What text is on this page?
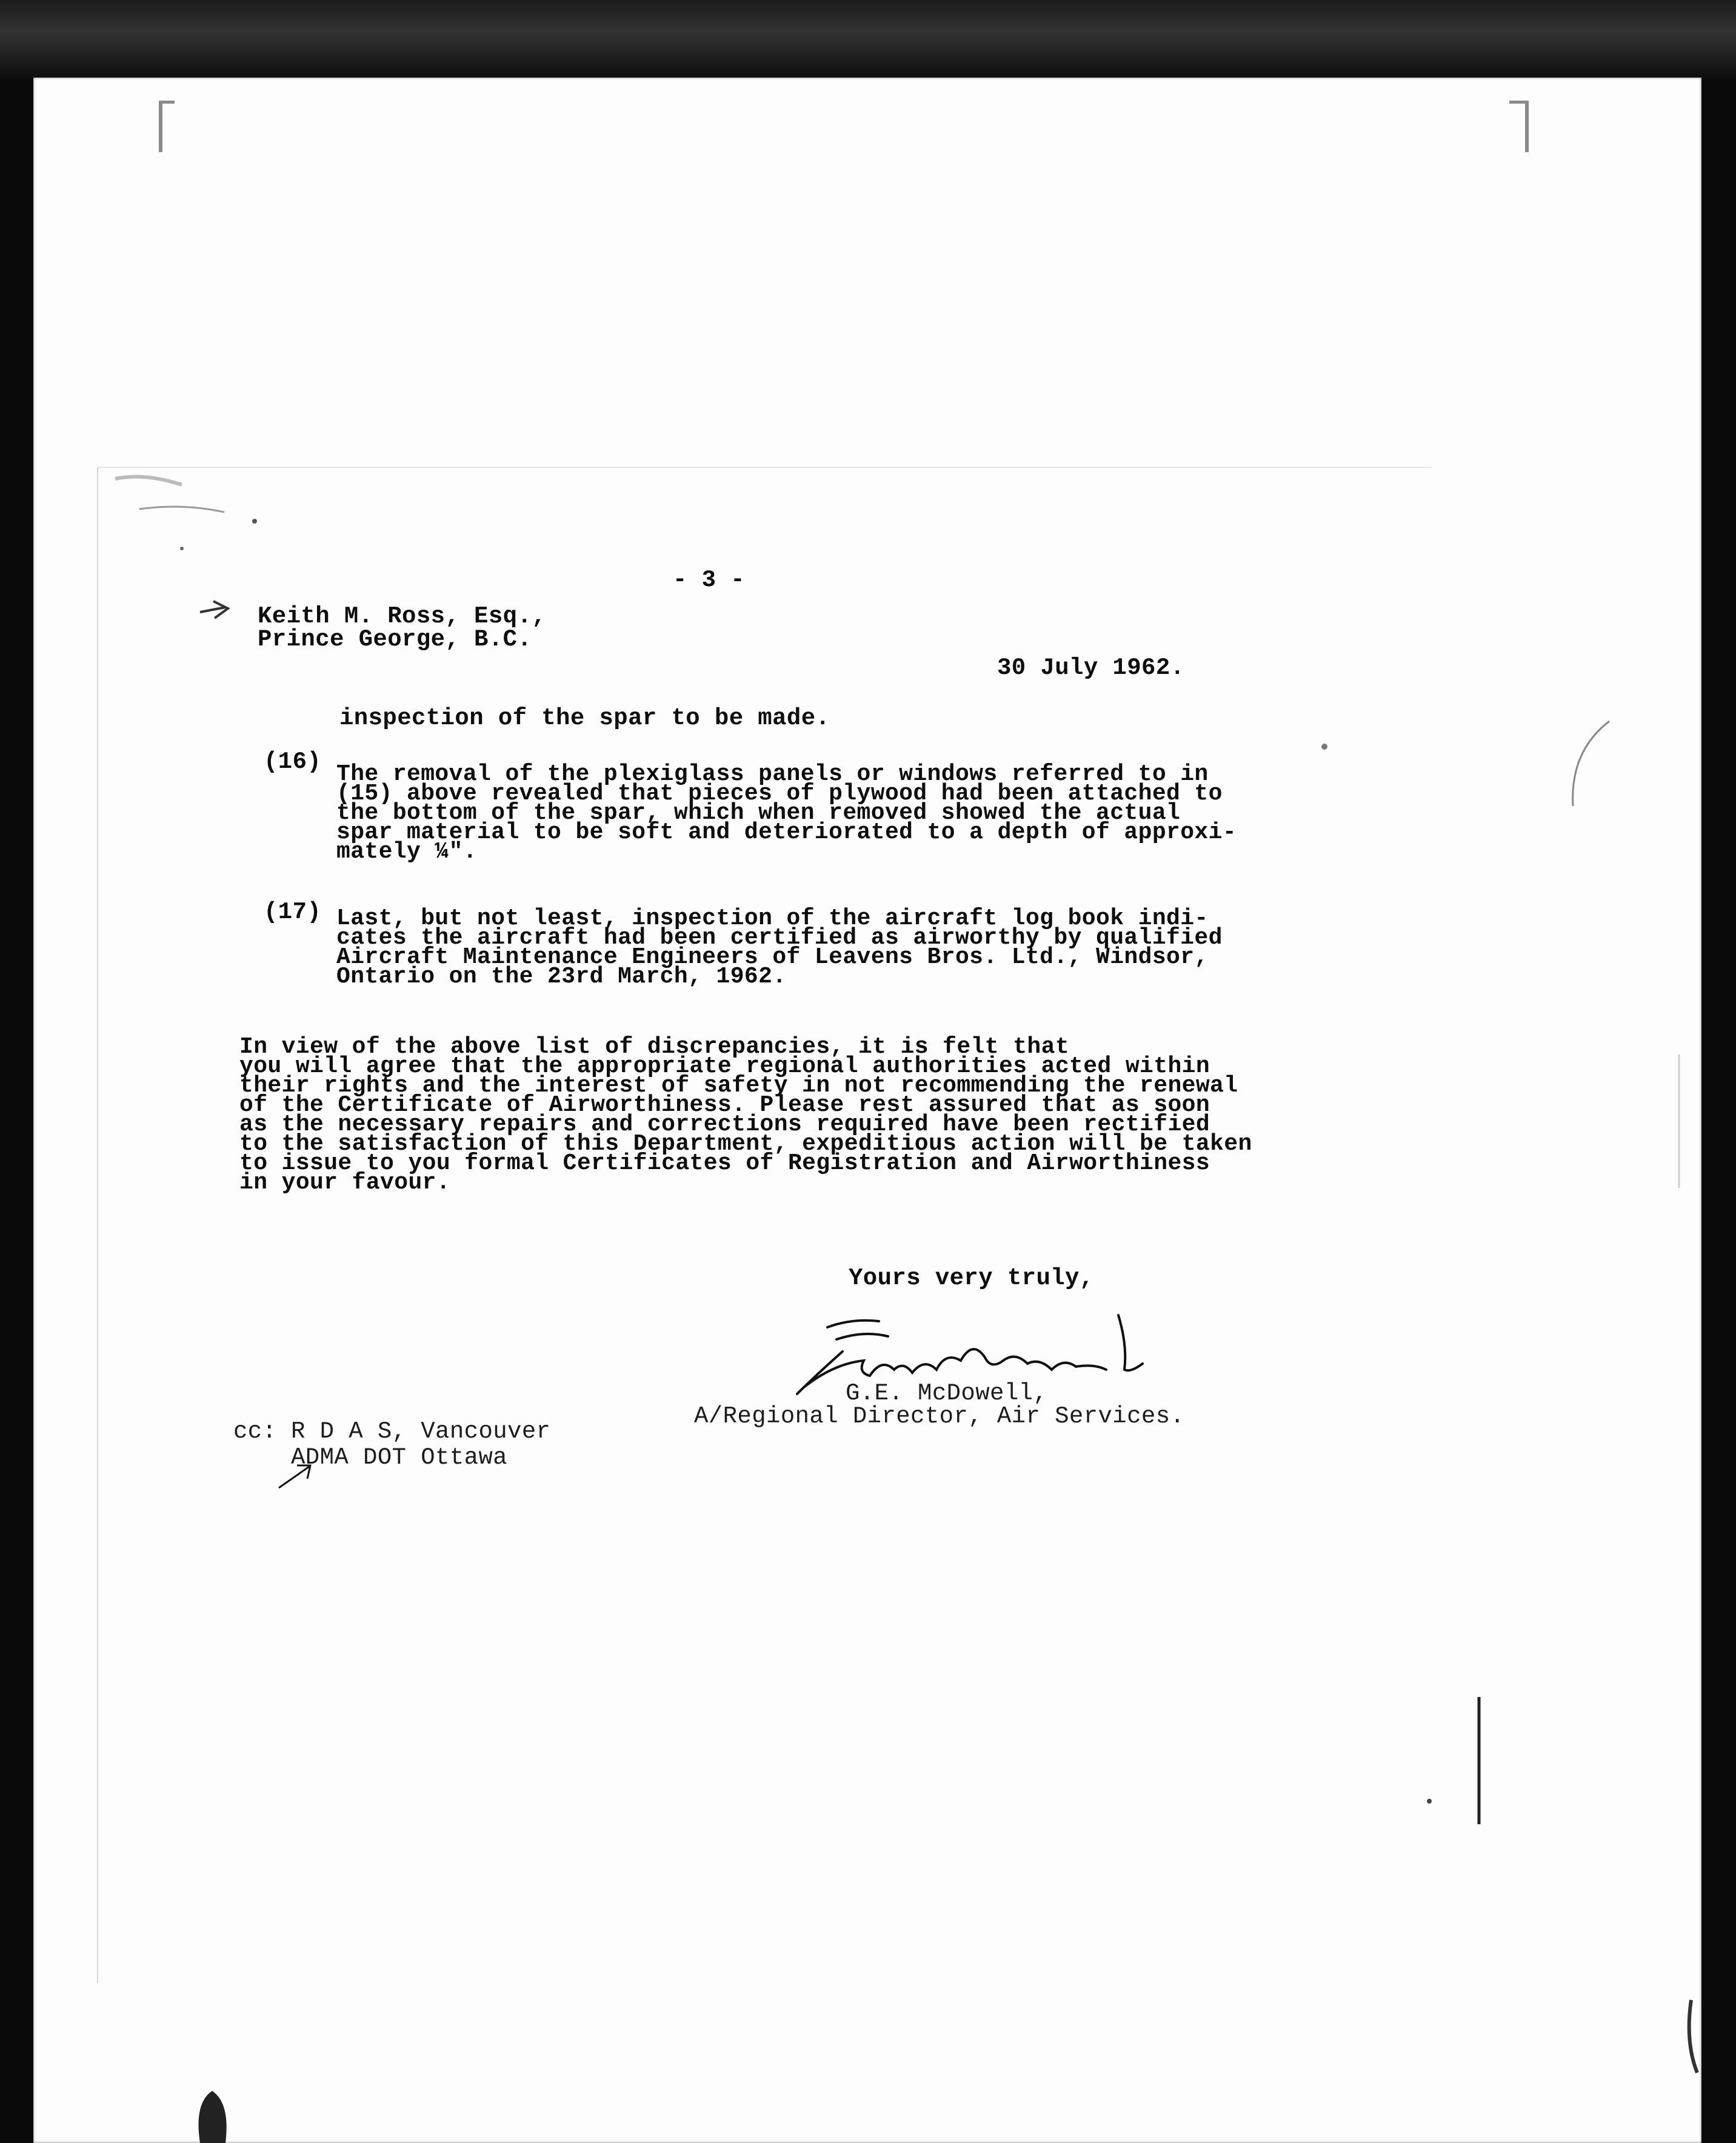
- 3 -
Keith M. Ross, Esq.,
Prince George, B.C.
30 July 1962.
inspection of the spar to be made.
(16) The removal of the plexiglass panels or windows referred to in
(15) above revealed that pieces of plywood had been attached to
the bottom of the spar, which when removed showed the actual
spar material to be soft and deteriorated to a depth of approxi-
mately ¼".
(17) Last, but not least, inspection of the aircraft log book indi-
cates the aircraft had been certified as airworthy by qualified
Aircraft Maintenance Engineers of Leavens Bros. Ltd., Windsor,
Ontario on the 23rd March, 1962.
In view of the above list of discrepancies, it is felt that
you will agree that the appropriate regional authorities acted within
their rights and the interest of safety in not recommending the renewal
of the Certificate of Airworthiness. Please rest assured that as soon
as the necessary repairs and corrections required have been rectified
to the satisfaction of this Department, expeditious action will be taken
to issue to you formal Certificates of Registration and Airworthiness
in your favour.
Yours very truly,
G.E. McDowell,
A/Regional Director, Air Services.
cc: R D A S, Vancouver
ADMA DOT Ottawa
